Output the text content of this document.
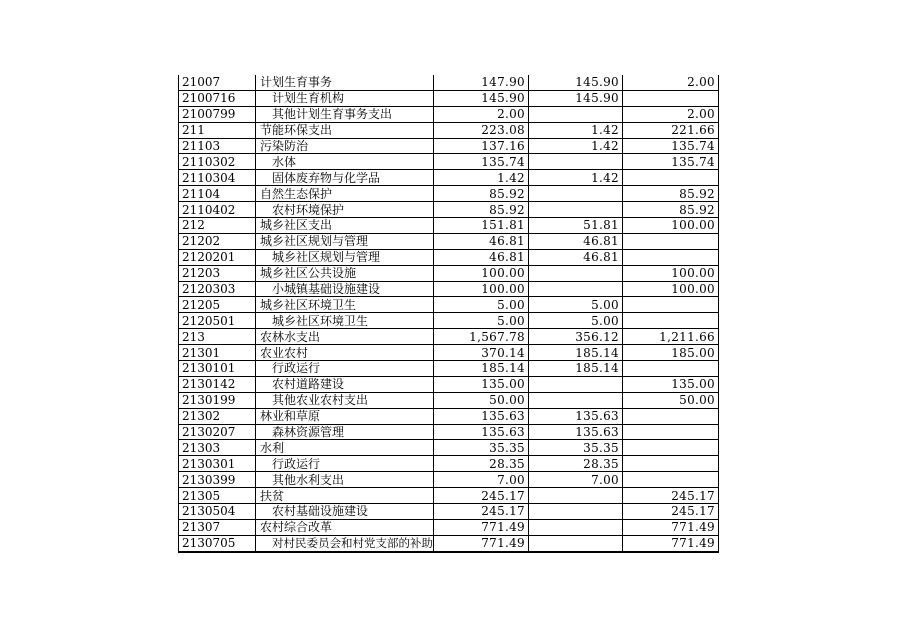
21007	计划生育事务	147.90	145.90	2.00
2100716	计划生育机构	145.90	145.90	
2100799	其他计划生育事务支出	2.00		2.00
211	节能环保支出	223.08	1.42	221.66
21103	污染防治	137.16	1.42	135.74
2110302	水体	135.74		135.74
2110304	固体废弃物与化学品	1.42	1.42	
21104	自然生态保护	85.92		85.92
2110402	农村环境保护	85.92		85.92
212	城乡社区支出	151.81	51.81	100.00
21202	城乡社区规划与管理	46.81	46.81	
2120201	城乡社区规划与管理	46.81	46.81	
21203	城乡社区公共设施	100.00		100.00
2120303	小城镇基础设施建设	100.00		100.00
21205	城乡社区环境卫生	5.00	5.00	
2120501	城乡社区环境卫生	5.00	5.00	
213	农林水支出	1,567.78	356.12	1,211.66
21301	农业农村	370.14	185.14	185.00
2130101	行政运行	185.14	185.14	
2130142	农村道路建设	135.00		135.00
2130199	其他农业农村支出	50.00		50.00
21302	林业和草原	135.63	135.63	
2130207	森林资源管理	135.63	135.63	
21303	水利	35.35	35.35	
2130301	行政运行	28.35	28.35	
2130399	其他水利支出	7.00	7.00	
21305	扶贫	245.17		245.17
2130504	农村基础设施建设	245.17		245.17
21307	农村综合改革	771.49		771.49
2130705	对村民委员会和村党支部的补助	771.49		771.49
